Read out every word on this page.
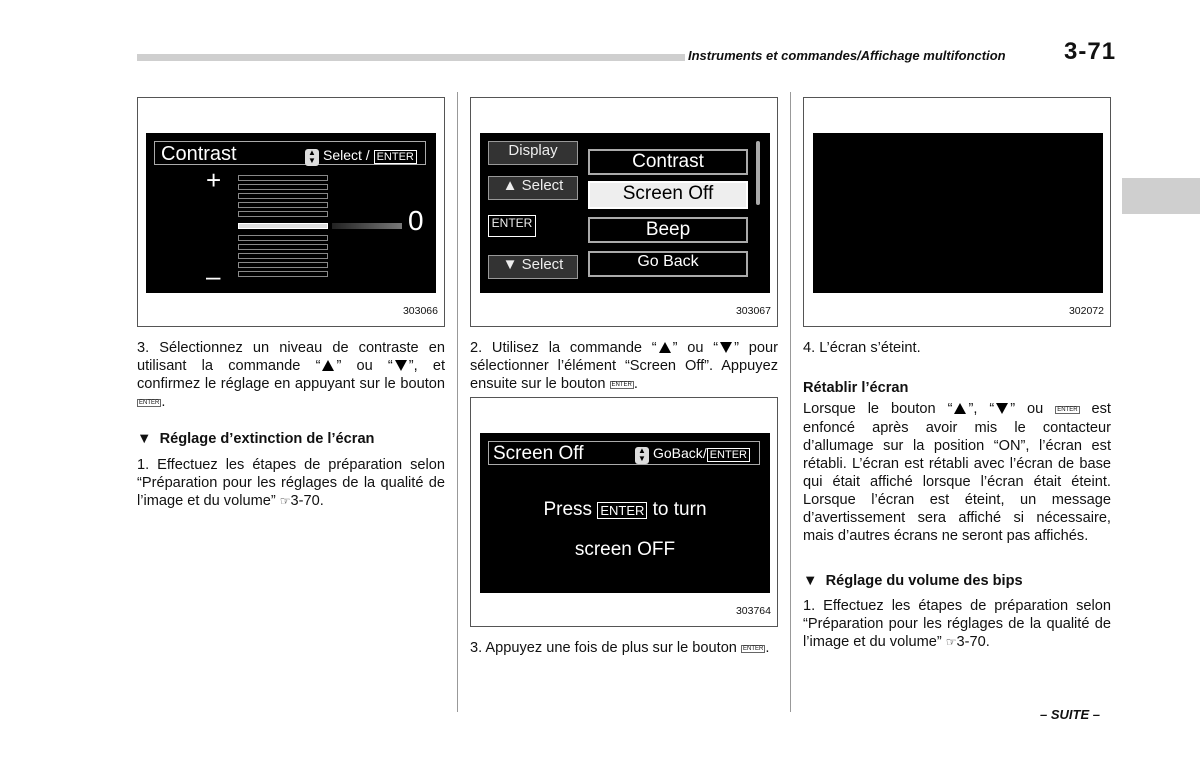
Instruments et commandes/Affichage multifonction 3-71
Contrast	▲
▼ Select / ENTER
+
–
0
303066
Display
▲ Select
ENTER
▼ Select
Contrast
Screen Off
Beep
Go Back
303067	302072
Screen Off	▲
▼ GoBack/ ENTER
Press ENTER to turn
screen OFF
303764
3. Sélectionnez un niveau de contraste en utilisant la commande “ ” ou “ ”, et confirmez le réglage en appuyant sur le bouton ENTER .
▼ Réglage d’extinction de l’écran
1. Effectuez les étapes de préparation selon “Préparation pour les réglages de la qualité de l’image et du volume” ☞3-70.
2. Utilisez la commande “ ” ou “ ” pour sélectionner l’élément “Screen Off”. Appuyez ensuite sur le bouton ENTER .
3. Appuyez une fois de plus sur le bouton ENTER .
4. L’écran s’éteint.
Rétablir l’écran
Lorsque le bouton “ ”, “ ” ou ENTER est enfoncé après avoir mis le contacteur d’allumage sur la position “ON”, l’écran est rétabli. L’écran est rétabli avec l’écran de base qui était affiché lorsque l’écran était éteint. Lorsque l’écran est éteint, un message d’avertissement sera affiché si nécessaire, mais d’autres écrans ne seront pas affichés.
▼ Réglage du volume des bips
1. Effectuez les étapes de préparation selon “Préparation pour les réglages de la qualité de l’image et du volume” ☞3-70.
– SUITE –
